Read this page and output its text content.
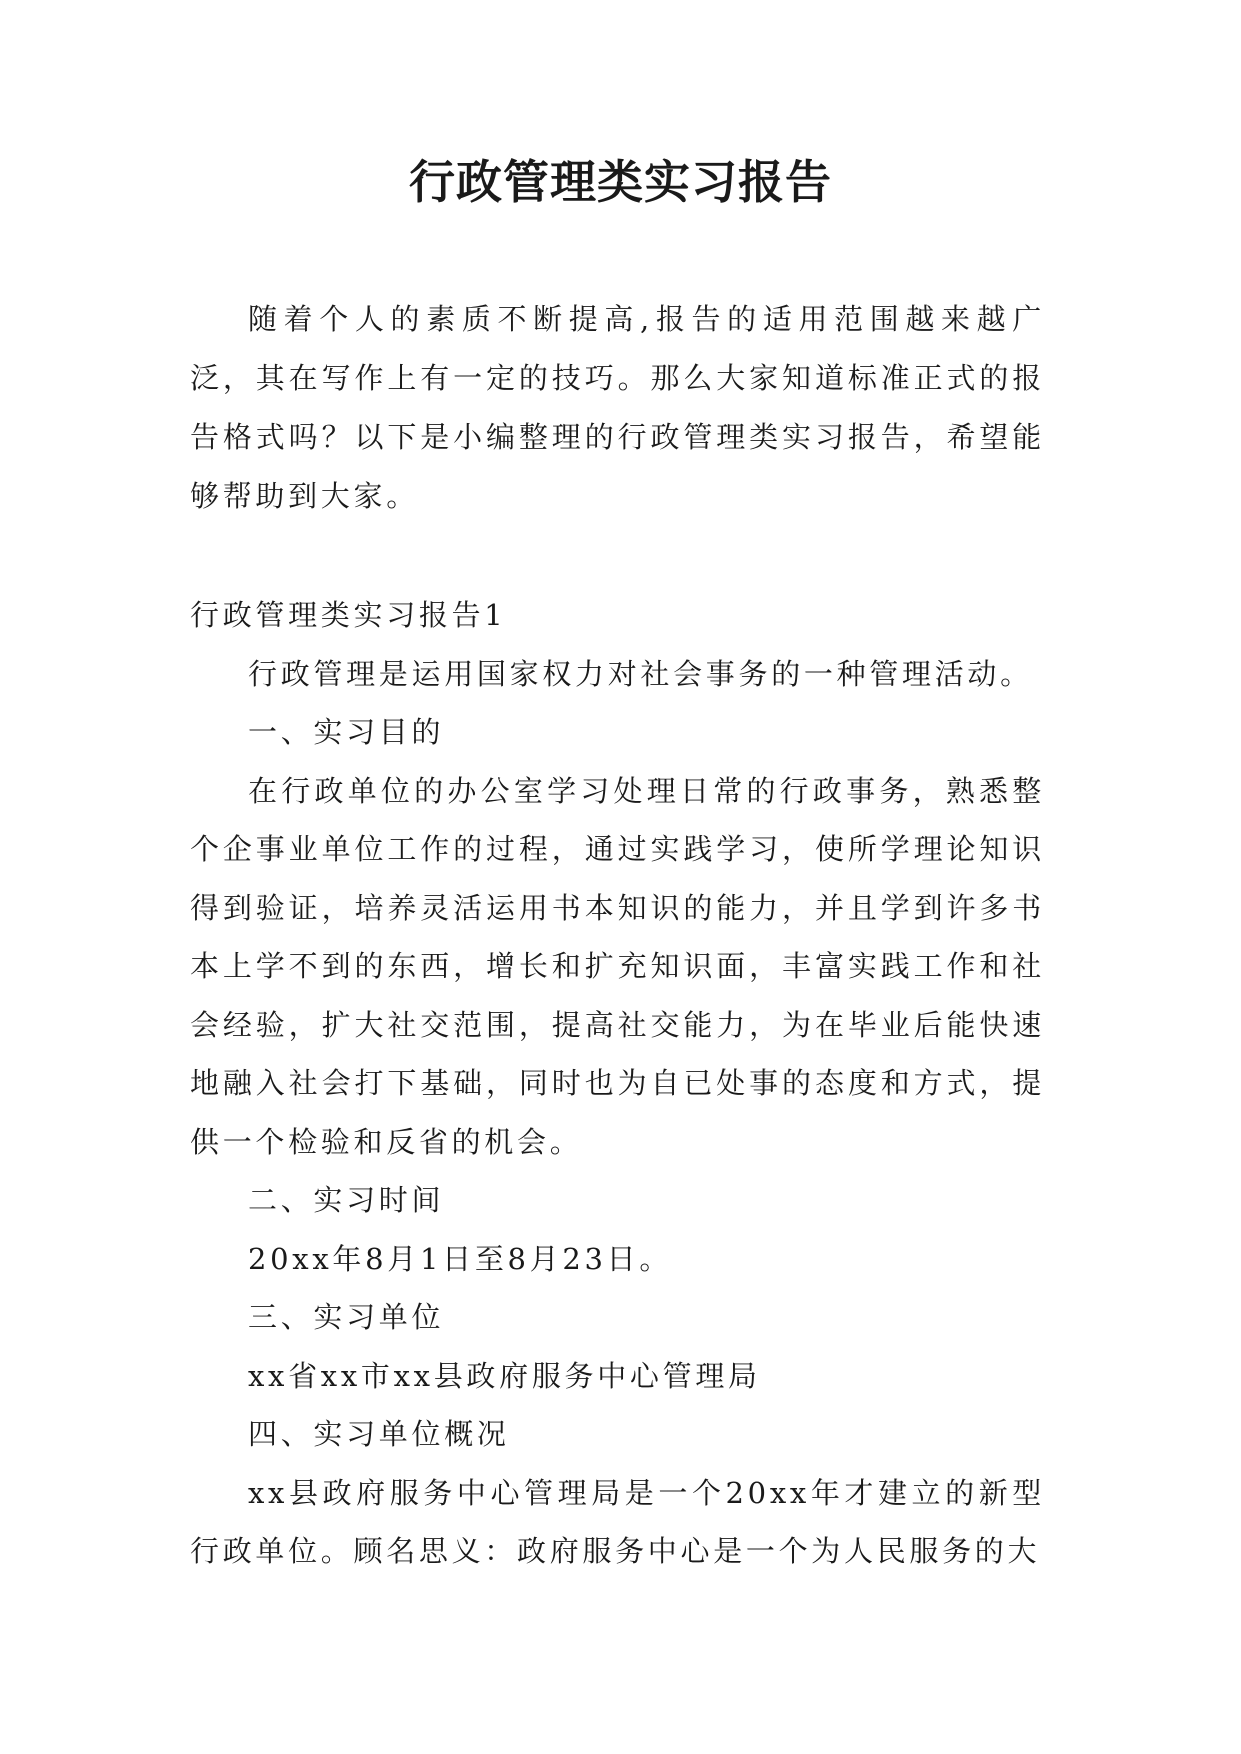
行政管理类实习报告

随着个人的素质不断提高,报告的适用范围越来越广泛，其在写作上有一定的技巧。那么大家知道标准正式的报告格式吗？以下是小编整理的行政管理类实习报告，希望能够帮助到大家。

行政管理类实习报告1

行政管理是运用国家权力对社会事务的一种管理活动。

一、实习目的

在行政单位的办公室学习处理日常的行政事务，熟悉整个企事业单位工作的过程，通过实践学习，使所学理论知识得到验证，培养灵活运用书本知识的能力，并且学到许多书本上学不到的东西，增长和扩充知识面，丰富实践工作和社会经验，扩大社交范围，提高社交能力，为在毕业后能快速地融入社会打下基础，同时也为自已处事的态度和方式，提供一个检验和反省的机会。

二、实习时间

20xx年8月1日至8月23日。

三、实习单位

xx省xx市xx县政府服务中心管理局

四、实习单位概况

xx县政府服务中心管理局是一个20xx年才建立的新型行政单位。顾名思义：政府服务中心是一个为人民服务的大
